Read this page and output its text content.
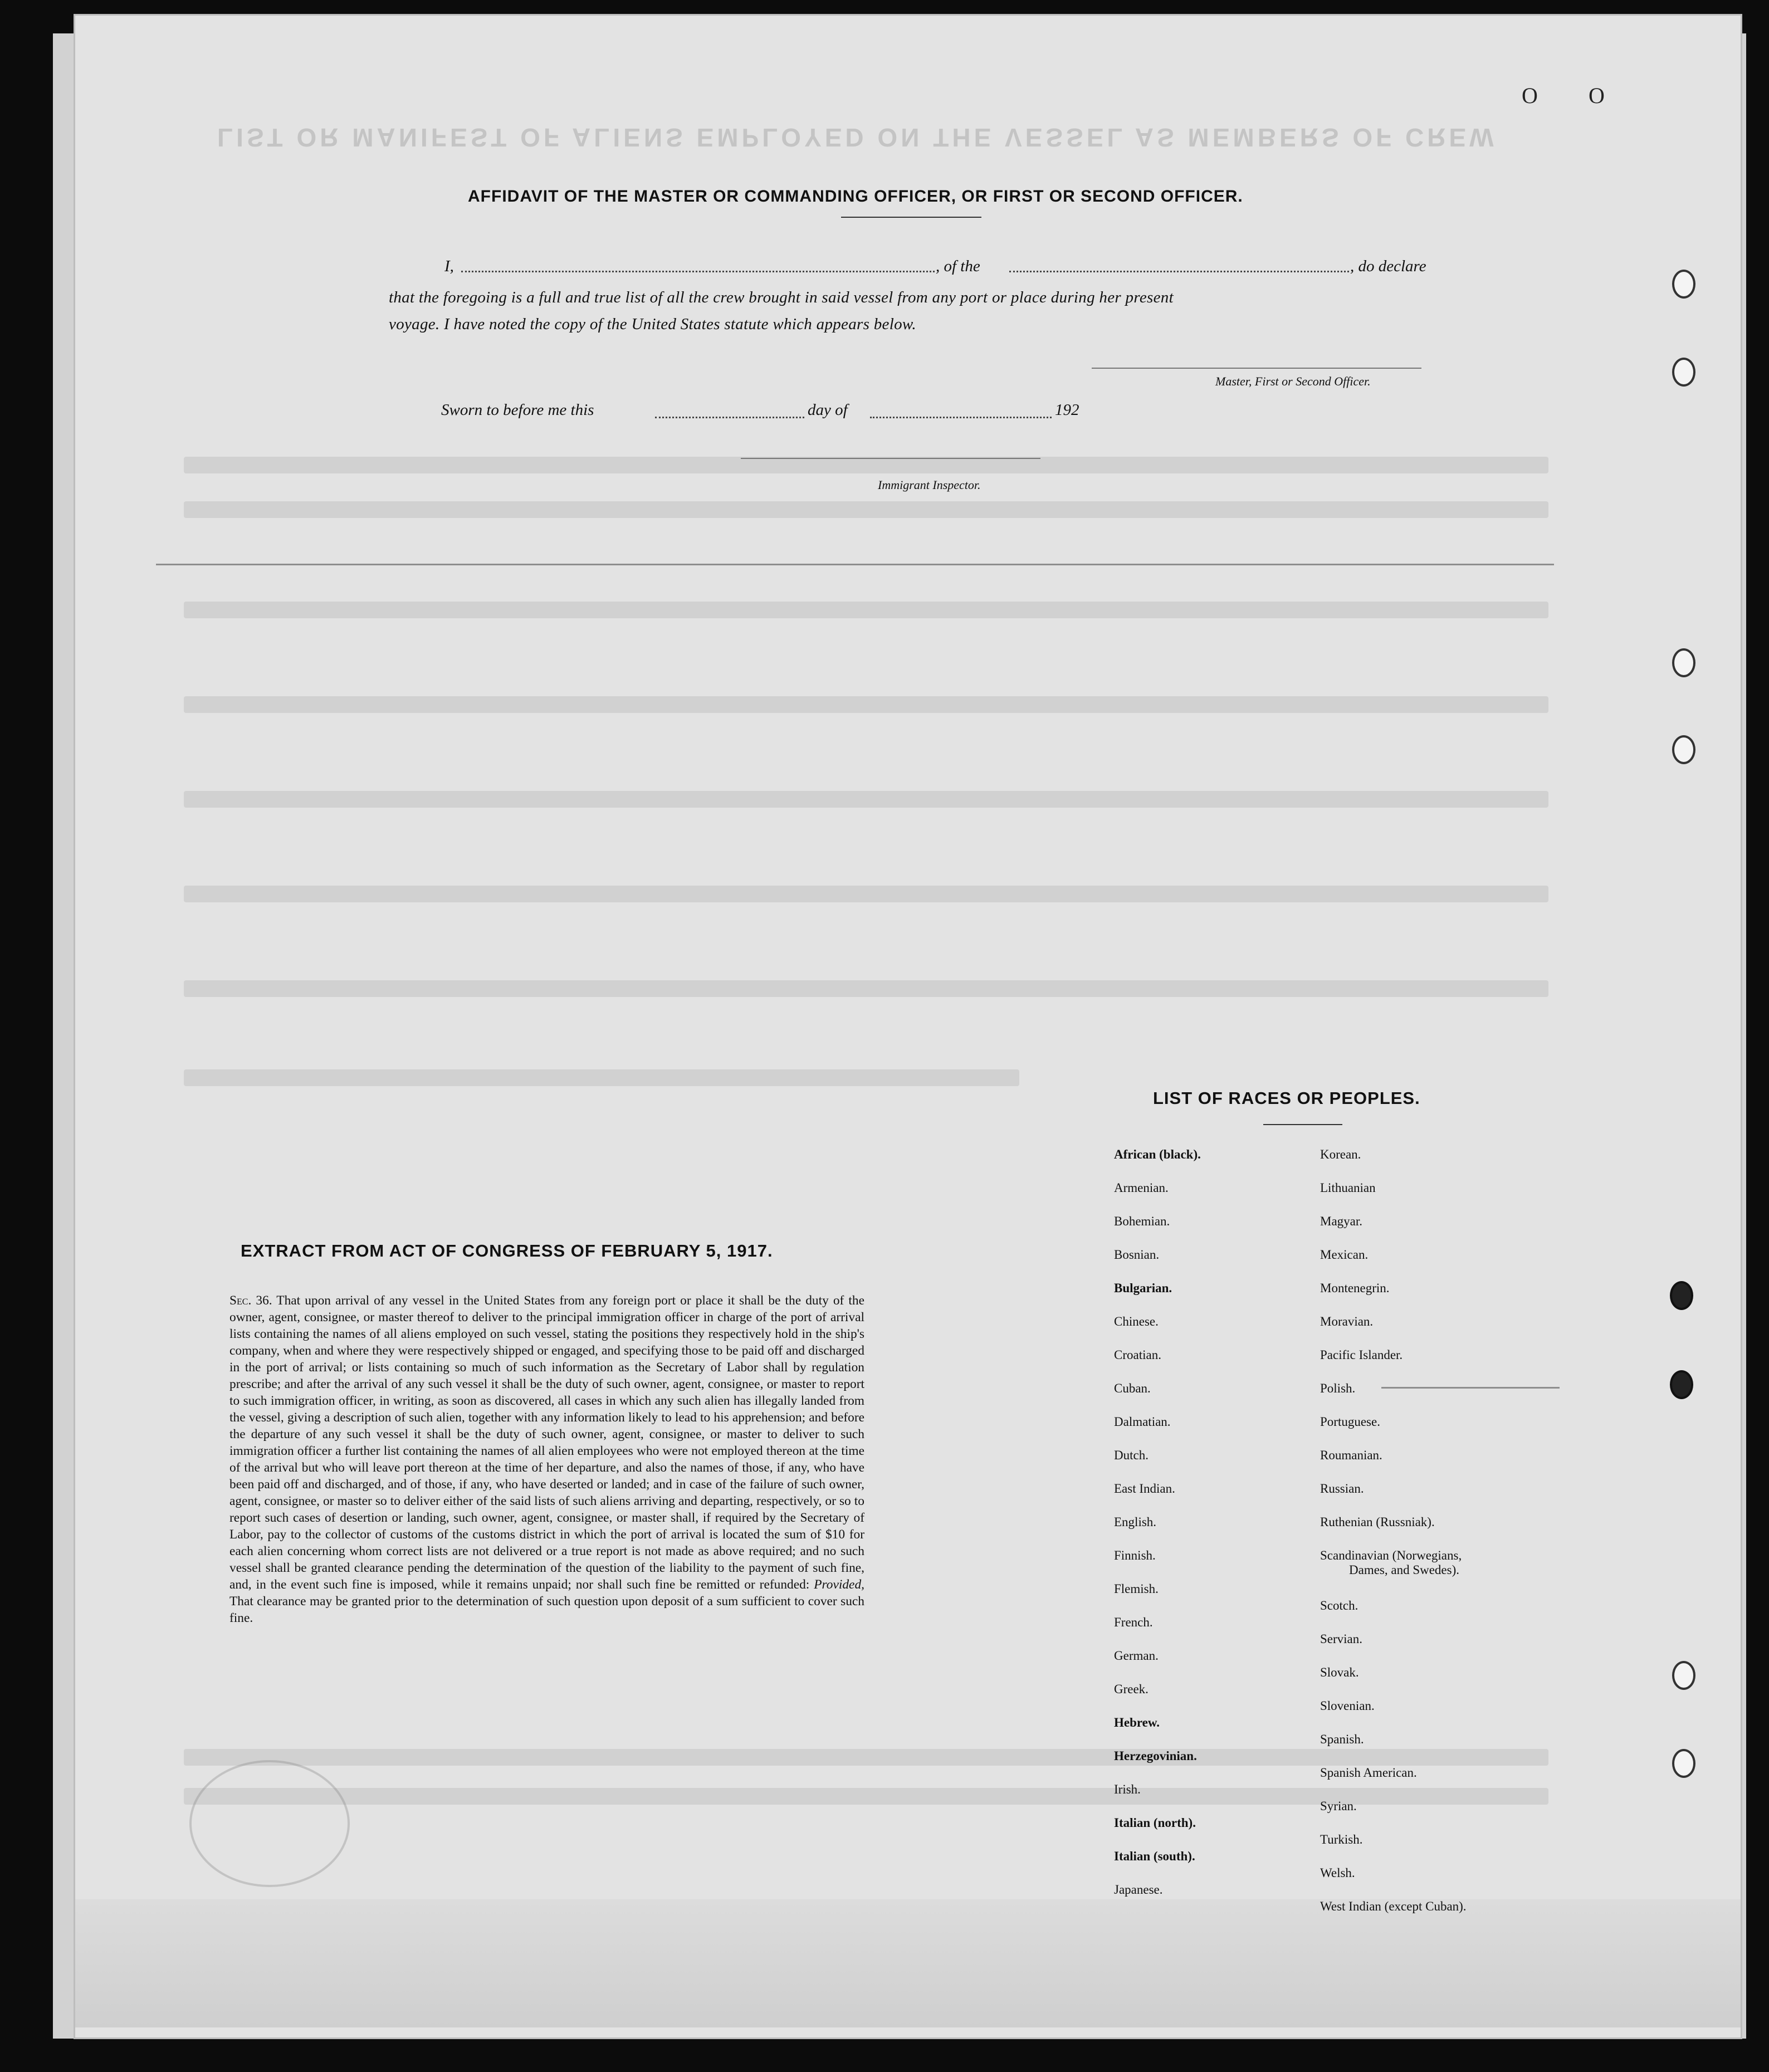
LIST OR MANIFEST OF ALIENS EMPLOYED ON THE VESSEL AS MEMBERS OF CREW
O O
AFFIDAVIT OF THE MASTER OR COMMANDING OFFICER, OR FIRST OR SECOND OFFICER.
I,	, of the	, do declare
that the foregoing is a full and true list of all the crew brought in said vessel from any port or place during her present
voyage. I have noted the copy of the United States statute which appears below.
Master, First or Second Officer.
Sworn to before me this	day of	192
Immigrant Inspector.
EXTRACT FROM ACT OF CONGRESS OF FEBRUARY 5, 1917.
Sec. 36. That upon arrival of any vessel in the United States from any foreign port or place it shall be the duty of the owner, agent, consignee, or master thereof to deliver to the principal immigration officer in charge of the port of arrival lists containing the names of all aliens employed on such vessel, stating the positions they respectively hold in the ship's company, when and where they were respectively shipped or engaged, and specifying those to be paid off and discharged in the port of arrival; or lists containing so much of such information as the Secretary of Labor shall by regulation prescribe; and after the arrival of any such vessel it shall be the duty of such owner, agent, consignee, or master to report to such immigration officer, in writing, as soon as discovered, all cases in which any such alien has illegally landed from the vessel, giving a description of such alien, together with any information likely to lead to his apprehension; and before the departure of any such vessel it shall be the duty of such owner, agent, consignee, or master to deliver to such immigration officer a further list containing the names of all alien employees who were not employed thereon at the time of the arrival but who will leave port thereon at the time of her departure, and also the names of those, if any, who have been paid off and discharged, and of those, if any, who have deserted or landed; and in case of the failure of such owner, agent, consignee, or master so to deliver either of the said lists of such aliens arriving and departing, respectively, or so to report such cases of desertion or landing, such owner, agent, consignee, or master shall, if required by the Secretary of Labor, pay to the collector of customs of the customs district in which the port of arrival is located the sum of $10 for each alien concerning whom correct lists are not delivered or a true report is not made as above required; and no such vessel shall be granted clearance pending the determination of the question of the liability to the payment of such fine, and, in the event such fine is imposed, while it remains unpaid; nor shall such fine be remitted or refunded: Provided, That clearance may be granted prior to the determination of such question upon deposit of a sum sufficient to cover such fine.
LIST OF RACES OR PEOPLES.
African (black).
Armenian.
Bohemian.
Bosnian.
Bulgarian.
Chinese.
Croatian.
Cuban.
Dalmatian.
Dutch.
East Indian.
English.
Finnish.
Flemish.
French.
German.
Greek.
Hebrew.
Herzegovinian.
Irish.
Italian (north).
Italian (south).
Japanese.
Korean.
Lithuanian
Magyar.
Mexican.
Montenegrin.
Moravian.
Pacific Islander.
Polish.
Portuguese.
Roumanian.
Russian.
Ruthenian (Russniak).
Scandinavian (Norwegians,
Dames, and Swedes).
Scotch.
Servian.
Slovak.
Slovenian.
Spanish.
Spanish American.
Syrian.
Turkish.
Welsh.
West Indian (except Cuban).
